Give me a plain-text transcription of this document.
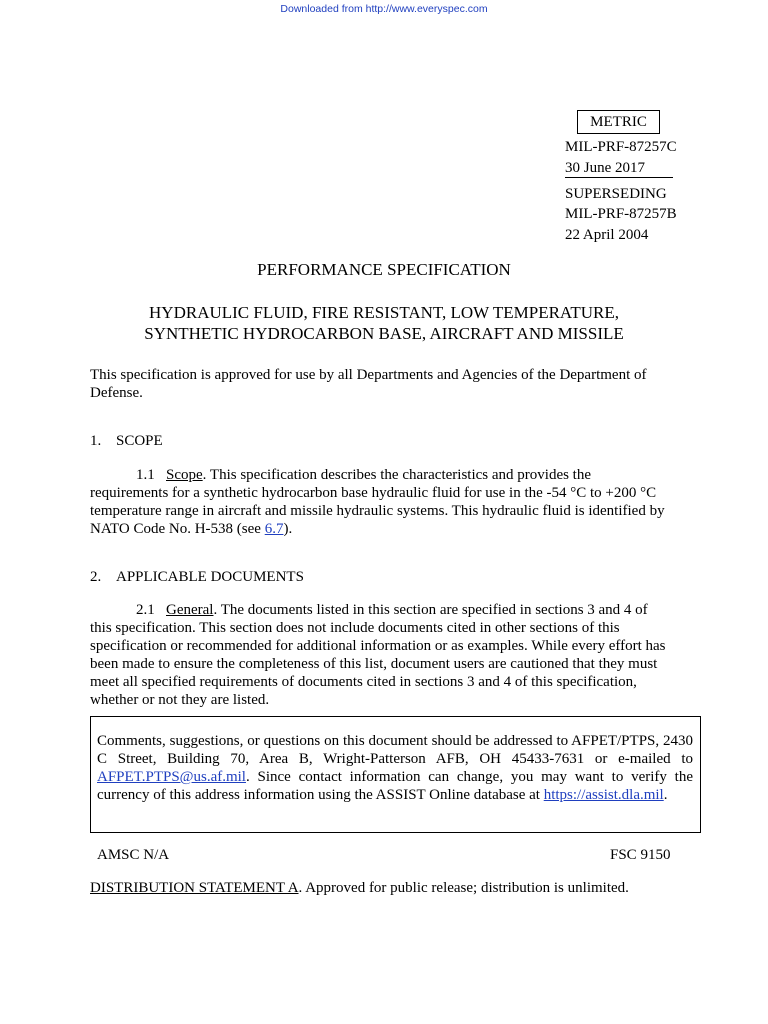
Downloaded from http://www.everyspec.com
METRIC
MIL-PRF-87257C
30 June 2017
SUPERSEDING
MIL-PRF-87257B
22 April 2004
PERFORMANCE SPECIFICATION
HYDRAULIC FLUID, FIRE RESISTANT, LOW TEMPERATURE,
SYNTHETIC HYDROCARBON BASE, AIRCRAFT AND MISSILE
This specification is approved for use by all Departments and Agencies of the Department of
Defense.
1. SCOPE
1.1 Scope. This specification describes the characteristics and provides the
requirements for a synthetic hydrocarbon base hydraulic fluid for use in the -54 °C to +200 °C
temperature range in aircraft and missile hydraulic systems. This hydraulic fluid is identified by
NATO Code No. H-538 (see 6.7).
2. APPLICABLE DOCUMENTS
2.1 General. The documents listed in this section are specified in sections 3 and 4 of
this specification. This section does not include documents cited in other sections of this
specification or recommended for additional information or as examples. While every effort has
been made to ensure the completeness of this list, document users are cautioned that they must
meet all specified requirements of documents cited in sections 3 and 4 of this specification,
whether or not they are listed.
Comments, suggestions, or questions on this document should be addressed to AFPET/PTPS, 2430 C Street, Building 70, Area B, Wright-Patterson AFB, OH 45433-7631 or e-mailed to AFPET.PTPS@us.af.mil. Since contact information can change, you may want to verify the currency of this address information using the ASSIST Online database at https://assist.dla.mil.
AMSC N/A	FSC 9150
DISTRIBUTION STATEMENT A. Approved for public release; distribution is unlimited.
